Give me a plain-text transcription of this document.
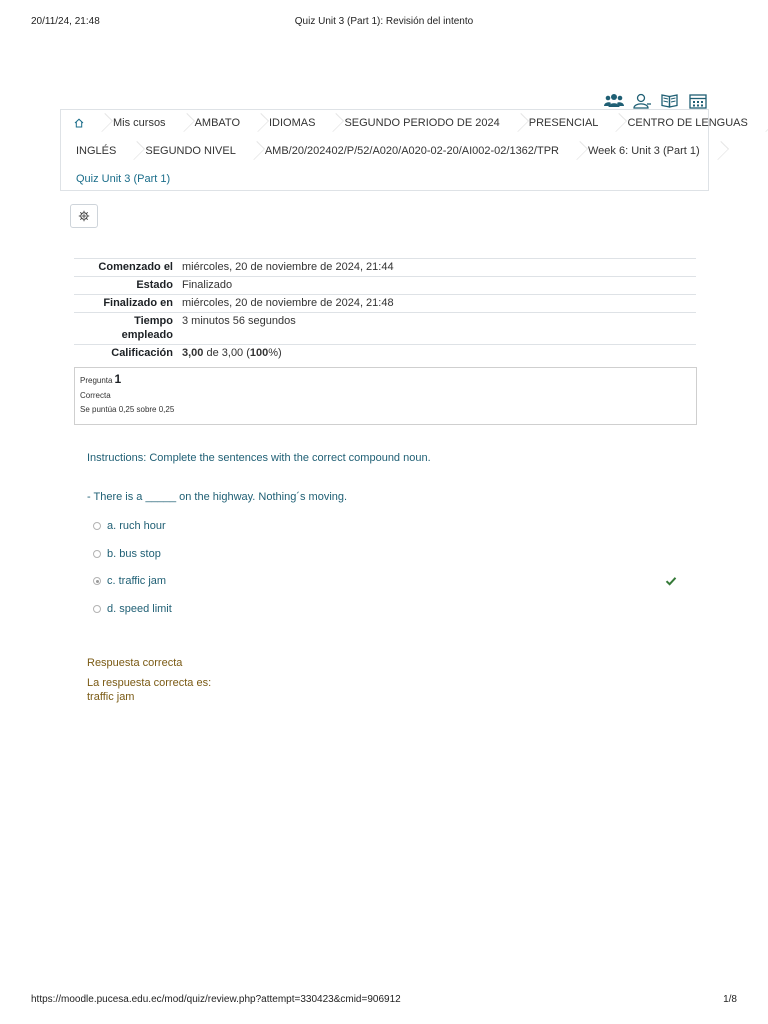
20/11/24, 21:48	Quiz Unit 3 (Part 1): Revisión del intento
Mis cursos	AMBATO	IDIOMAS	SEGUNDO PERIODO DE 2024	PRESENCIAL	CENTRO DE LENGUAS
INGLÉS	SEGUNDO NIVEL	AMB/20/202402/P/52/A020/A020-02-20/AI002-02/1362/TPR	Week 6: Unit 3 (Part 1)
Quiz Unit 3 (Part 1)
Comenzado el	miércoles, 20 de noviembre de 2024, 21:44
Estado	Finalizado
Finalizado en	miércoles, 20 de noviembre de 2024, 21:48
Tiempo
empleado	3 minutos 56 segundos
Calificación	3,00 de 3,00 (100%)
Pregunta 1
Correcta
Se puntúa 0,25 sobre 0,25
Instructions: Complete the sentences with the correct compound noun.
- There is a _____ on the highway. Nothing´s moving.
a. ruch hour
b. bus stop
c. traffic jam
d. speed limit
Respuesta correcta
La respuesta correcta es:
traffic jam
https://moodle.pucesa.edu.ec/mod/quiz/review.php?attempt=330423&cmid=906912	1/8
